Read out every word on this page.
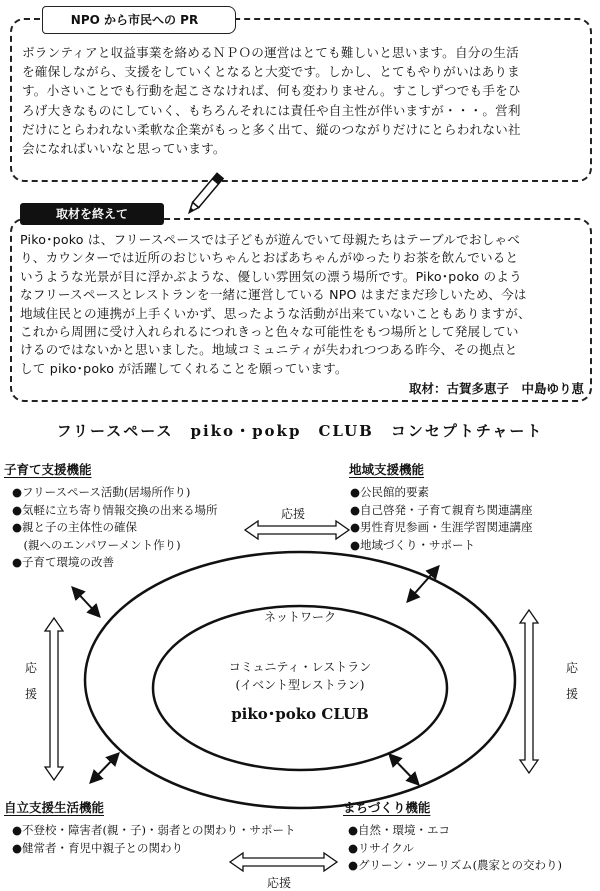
NPO から市民への PR
ボランティアと収益事業を絡めるＮＰＯの運営はとても難しいと思います。自分の生活
を確保しながら、支援をしていくとなると大変です。しかし、とてもやりがいはありま
す。小さいことでも行動を起こさなければ、何も変わりません。すこしずつでも手をひ
ろげ大きなものにしていく、もちろんそれには責任や自主性が伴いますが・・・。営利
だけにとらわれない柔軟な企業がもっと多く出て、縦のつながりだけにとらわれない社
会になればいいなと思っています。
取材を終えて
Piko･poko は、フリースペースでは子どもが遊んでいて母親たちはテーブルでおしゃべ
り、カウンターでは近所のおじいちゃんとおばあちゃんがゆったりお茶を飲んでいると
いうような光景が目に浮かぶような、優しい雰囲気の漂う場所です。Piko･poko のよう
なフリースペースとレストランを一緒に運営している NPO はまだまだ珍しいため、今は
地域住民との連携が上手くいかず、思ったような活動が出来ていないこともありますが、
これから周囲に受け入れられるにつれきっと色々な可能性をもつ場所として発展してい
けるのではないかと思いました。地域コミュニティが失われつつある昨今、その拠点と
して piko･poko が活躍してくれることを願っています。
取材：古賀多恵子　中島ゆり恵
フリースペース　piko・pokp　CLUB　コンセプトチャート
応援
応援
応
援
応
援
ネットワーク
コミュニティ・レストラン
(イベント型レストラン)
piko･poko CLUB
子育て支援機能
●フリースペース活動(居場所作り)
●気軽に立ち寄り情報交換の出来る場所
●親と子の主体性の確保
　(親へのエンパワーメント作り)
●子育て環境の改善
地域支援機能
●公民館的要素
●自己啓発・子育て親育ち関連講座
●男性育児参画・生涯学習関連講座
●地域づくり・サポート
自立支援生活機能
●不登校・障害者(親・子)・弱者との関わり・サポート
●健常者・育児中親子との関わり
まちづくり機能
●自然・環境・エコ
●リサイクル
●グリーン・ツーリズム(農家との交わり)
